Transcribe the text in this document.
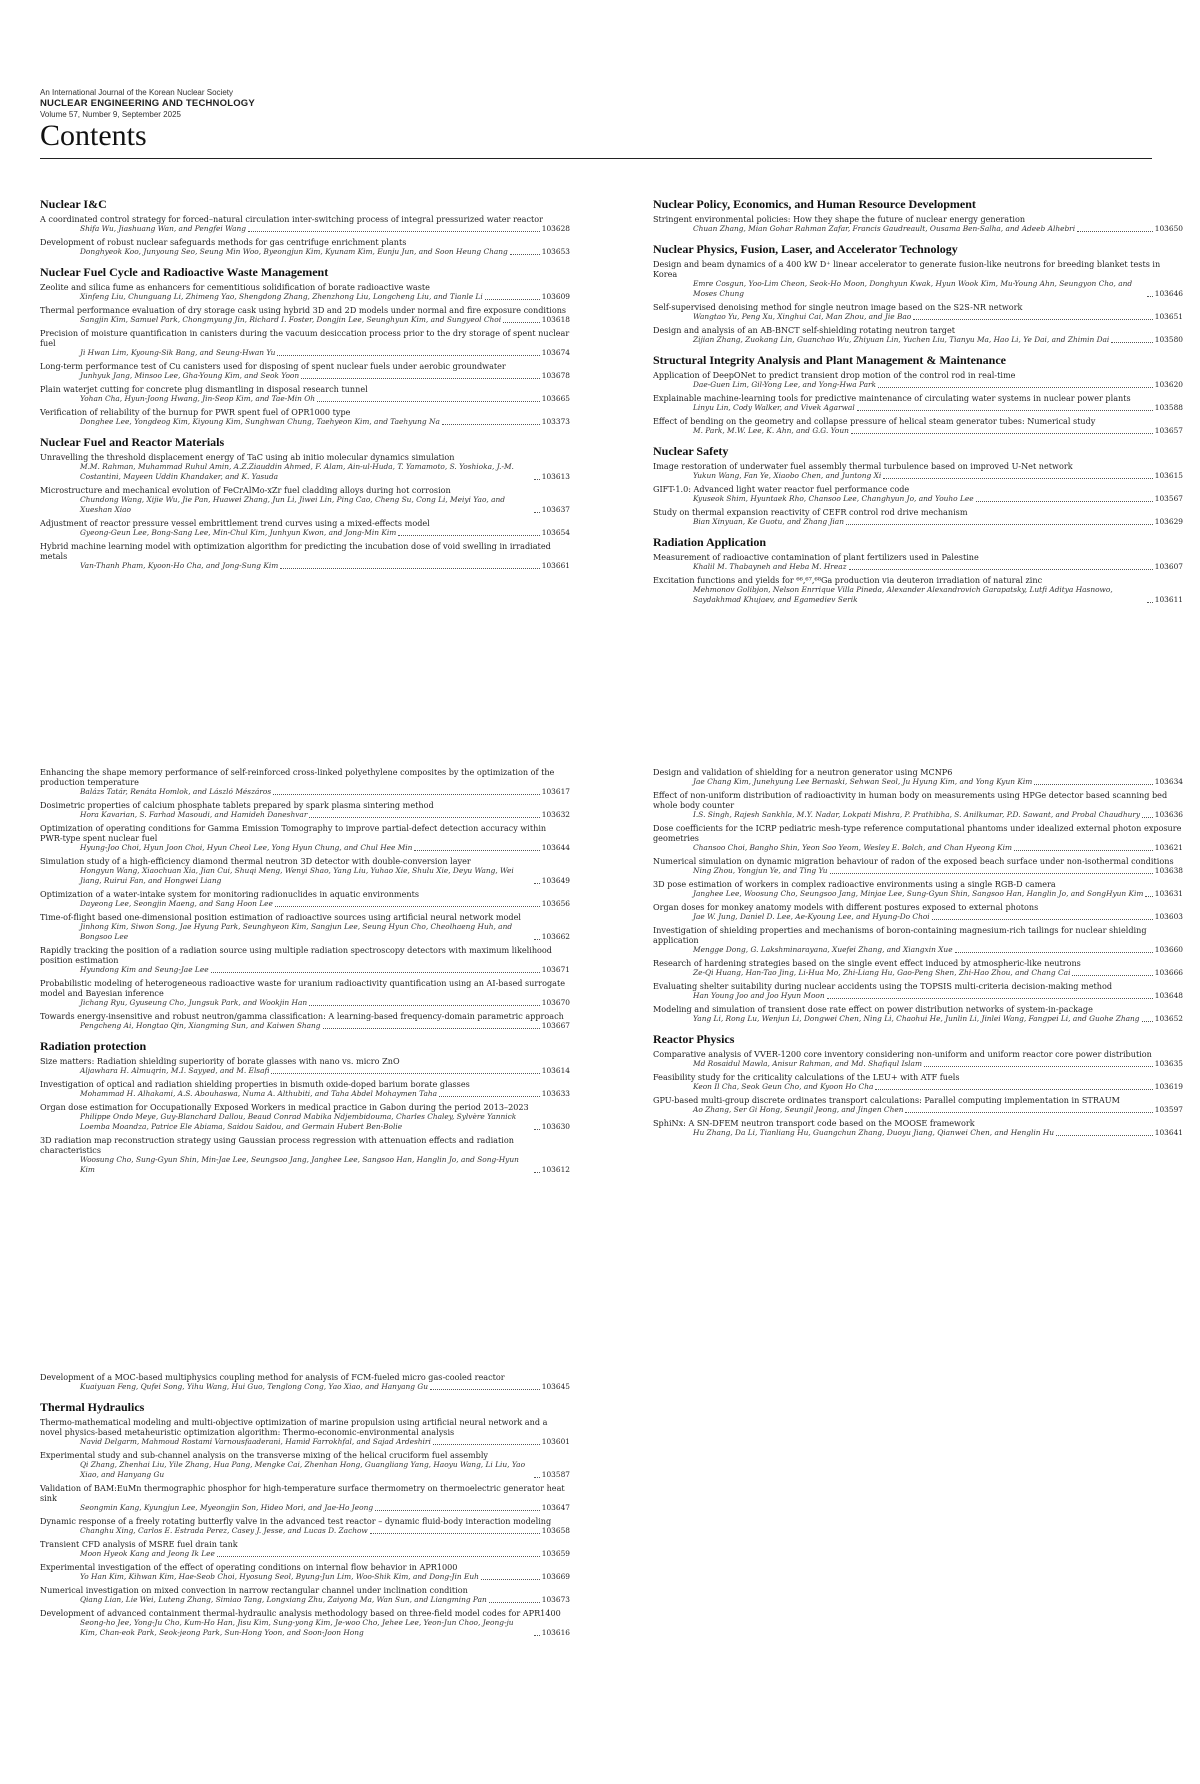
An International Journal of the Korean Nuclear Society
NUCLEAR ENGINEERING AND TECHNOLOGY
Volume 57, Number 9, September 2025
Contents
Nuclear I&C
A coordinated control strategy for forced–natural circulation inter-switching process of integral pressurized water reactor
Shifa Wu, Jiashuang Wan, and Pengfei Wang	103628
Development of robust nuclear safeguards methods for gas centrifuge enrichment plants
Donghyeok Koo, Junyoung Seo, Seung Min Woo, Byeongjun Kim, Kyunam Kim, Eunju Jun, and Soon Heung Chang	103653
Nuclear Fuel Cycle and Radioactive Waste Management
Zeolite and silica fume as enhancers for cementitious solidification of borate radioactive waste
Xinfeng Liu, Chunguang Li, Zhimeng Yao, Shengdong Zhang, Zhenzhong Liu, Longcheng Liu, and Tianle Li	103609
Thermal performance evaluation of dry storage cask using hybrid 3D and 2D models under normal and fire exposure conditions
Sangjin Kim, Samuel Park, Chongmyung Jin, Richard I. Foster, Dongjin Lee, Seunghyun Kim, and Sungyeol Choi	103618
Precision of moisture quantification in canisters during the vacuum desiccation process prior to the dry storage of spent nuclear fuel
Ji Hwan Lim, Kyoung-Sik Bang, and Seung-Hwan Yu	103674
Long-term performance test of Cu canisters used for disposing of spent nuclear fuels under aerobic groundwater
Junhyuk Jang, Minsoo Lee, Gha-Young Kim, and Seok Yoon	103678
Plain waterjet cutting for concrete plug dismantling in disposal research tunnel
Yohan Cha, Hyun-Joong Hwang, Jin-Seop Kim, and Tae-Min Oh	103665
Verification of reliability of the burnup for PWR spent fuel of OPR1000 type
Donghee Lee, Yongdeog Kim, Kiyoung Kim, Sunghwan Chung, Taehyeon Kim, and Taehyung Na	103373
Nuclear Fuel and Reactor Materials
Unravelling the threshold displacement energy of TaC using ab initio molecular dynamics simulation
M.M. Rahman, Muhammad Ruhul Amin, A.Z.Ziauddin Ahmed, F. Alam, Ain-ul-Huda, T. Yamamoto, S. Yoshioka, J.-M. Costantini, Mayeen Uddin Khandaker, and K. Yasuda	103613
Microstructure and mechanical evolution of FeCrAlMo-xZr fuel cladding alloys during hot corrosion
Chundong Wang, Xijie Wu, Jie Pan, Huawei Zhang, Jun Li, Jiwei Lin, Ping Cao, Cheng Su, Cong Li, Meiyi Yao, and Xueshan Xiao	103637
Adjustment of reactor pressure vessel embrittlement trend curves using a mixed-effects model
Gyeong-Geun Lee, Bong-Sang Lee, Min-Chul Kim, Junhyun Kwon, and Jong-Min Kim	103654
Hybrid machine learning model with optimization algorithm for predicting the incubation dose of void swelling in irradiated metals
Van-Thanh Pham, Kyoon-Ho Cha, and Jong-Sung Kim	103661
Nuclear Policy, Economics, and Human Resource Development
Stringent environmental policies: How they shape the future of nuclear energy generation
Chuan Zhang, Mian Gohar Rahman Zafar, Francis Gaudreault, Ousama Ben-Salha, and Adeeb Alhebri	103650
Nuclear Physics, Fusion, Laser, and Accelerator Technology
Design and beam dynamics of a 400 kW D⁺ linear accelerator to generate fusion-like neutrons for breeding blanket tests in Korea
Emre Cosgun, Yoo-Lim Cheon, Seok-Ho Moon, Donghyun Kwak, Hyun Wook Kim, Mu-Young Ahn, Seungyon Cho, and Moses Chung	103646
Self-supervised denoising method for single neutron image based on the S2S-NR network
Wangtao Yu, Peng Xu, Xinghui Cai, Man Zhou, and Jie Bao	103651
Design and analysis of an AB-BNCT self-shielding rotating neutron target
Zijian Zhang, Zuokang Lin, Guanchao Wu, Zhiyuan Lin, Yuchen Liu, Tianyu Ma, Hao Li, Ye Dai, and Zhimin Dai	103580
Structural Integrity Analysis and Plant Management & Maintenance
Application of DeepONet to predict transient drop motion of the control rod in real-time
Dae-Guen Lim, Gil-Yong Lee, and Yong-Hwa Park	103620
Explainable machine-learning tools for predictive maintenance of circulating water systems in nuclear power plants
Linyu Lin, Cody Walker, and Vivek Agarwal	103588
Effect of bending on the geometry and collapse pressure of helical steam generator tubes: Numerical study
M. Park, M.W. Lee, K. Ahn, and G.G. Youn	103657
Nuclear Safety
Image restoration of underwater fuel assembly thermal turbulence based on improved U-Net network
Yukun Wang, Fan Ye, Xiaobo Chen, and Juntong Xi	103615
GIFT-1.0: Advanced light water reactor fuel performance code
Kyuseok Shim, Hyuntaek Rho, Chansoo Lee, Changhyun Jo, and Youho Lee	103567
Study on thermal expansion reactivity of CEFR control rod drive mechanism
Bian Xinyuan, Ke Guotu, and Zhang Jian	103629
Radiation Application
Measurement of radioactive contamination of plant fertilizers used in Palestine
Khalil M. Thabayneh and Heba M. Hreaz	103607
Excitation functions and yields for ⁶⁶,⁶⁷,⁶⁸Ga production via deuteron irradiation of natural zinc
Mehmonov Golibjon, Nelson Enrrique Villa Pineda, Alexander Alexandrovich Garapatsky, Lutfi Aditya Hasnowo, Saydakhmad Khujaev, and Egamediev Serik	103611
Enhancing the shape memory performance of self-reinforced cross-linked polyethylene composites by the optimization of the production temperature
Balázs Tatár, Renáta Homlok, and László Mészáros	103617
Dosimetric properties of calcium phosphate tablets prepared by spark plasma sintering method
Hora Kavarian, S. Farhad Masoudi, and Hamideh Daneshvar	103632
Optimization of operating conditions for Gamma Emission Tomography to improve partial-defect detection accuracy within PWR-type spent nuclear fuel
Hyung-Joo Choi, Hyun Joon Choi, Hyun Cheol Lee, Yong Hyun Chung, and Chul Hee Min	103644
Simulation study of a high-efficiency diamond thermal neutron 3D detector with double-conversion layer
Hongyun Wang, Xiaochuan Xia, Jian Cui, Shuqi Meng, Wenyi Shao, Yang Liu, Yuhao Xie, Shulu Xie, Deyu Wang, Wei Jiang, Ruirui Fan, and Hongwei Liang	103649
Optimization of a water-intake system for monitoring radionuclides in aquatic environments
Dayeong Lee, Seongjin Maeng, and Sang Hoon Lee	103656
Time-of-flight based one-dimensional position estimation of radioactive sources using artificial neural network model
Jinhong Kim, Siwon Song, Jae Hyung Park, Seunghyeon Kim, Sangjun Lee, Seung Hyun Cho, Cheolhaeng Huh, and Bongsoo Lee	103662
Rapidly tracking the position of a radiation source using multiple radiation spectroscopy detectors with maximum likelihood position estimation
Hyundong Kim and Seung-Jae Lee	103671
Probabilistic modeling of heterogeneous radioactive waste for uranium radioactivity quantification using an AI-based surrogate model and Bayesian inference
Jichang Ryu, Gyuseung Cho, Jungsuk Park, and Wookjin Han	103670
Towards energy-insensitive and robust neutron/gamma classification: A learning-based frequency-domain parametric approach
Pengcheng Ai, Hongtao Qin, Xiangming Sun, and Kaiwen Shang	103667
Radiation protection
Size matters: Radiation shielding superiority of borate glasses with nano vs. micro ZnO
Aljawhara H. Almuqrin, M.I. Sayyed, and M. Elsafi	103614
Investigation of optical and radiation shielding properties in bismuth oxide-doped barium borate glasses
Mohammad H. Alhakami, A.S. Abouhaswa, Numa A. Althubiti, and Taha Abdel Mohaymen Taha	103633
Organ dose estimation for Occupationally Exposed Workers in medical practice in Gabon during the period 2013–2023
Philippe Ondo Meye, Guy-Blanchard Dallou, Beaud Conrad Mabika Ndjembidouma, Charles Chaley, Sylvère Yannick Loemba Moandza, Patrice Ele Abiama, Saidou Saidou, and Germain Hubert Ben-Bolie	103630
3D radiation map reconstruction strategy using Gaussian process regression with attenuation effects and radiation characteristics
Woosung Cho, Sung-Gyun Shin, Min-Jae Lee, Seungsoo Jang, Janghee Lee, Sangsoo Han, Hanglin Jo, and Song-Hyun Kim	103612
Design and validation of shielding for a neutron generator using MCNP6
Jae Chang Kim, Junehyung Lee Bernaski, Sehwan Seol, Ju Hyung Kim, and Yong Kyun Kim	103634
Effect of non-uniform distribution of radioactivity in human body on measurements using HPGe detector based scanning bed whole body counter
I.S. Singh, Rajesh Sankhla, M.Y. Nadar, Lokpati Mishra, P. Prathibha, S. Anilkumar, P.D. Sawant, and Probal Chaudhury 103636
Dose coefficients for the ICRP pediatric mesh-type reference computational phantoms under idealized external photon exposure geometries
Chansoo Choi, Bangho Shin, Yeon Soo Yeom, Wesley E. Bolch, and Chan Hyeong Kim	103621
Numerical simulation on dynamic migration behaviour of radon of the exposed beach surface under non-isothermal conditions
Ning Zhou, Yongjun Ye, and Ting Yu	103638
3D pose estimation of workers in complex radioactive environments using a single RGB-D camera
Janghee Lee, Woosung Cho, Seungsoo Jang, Minjae Lee, Sung-Gyun Shin, Sangsoo Han, Hanglin Jo, and SongHyun Kim 103631
Organ doses for monkey anatomy models with different postures exposed to external photons
Jae W. Jung, Daniel D. Lee, Ae-Kyoung Lee, and Hyung-Do Choi	103603
Investigation of shielding properties and mechanisms of boron-containing magnesium-rich tailings for nuclear shielding application
Mengge Dong, G. Lakshminarayana, Xuefei Zhang, and Xiangxin Xue	103660
Research of hardening strategies based on the single event effect induced by atmospheric-like neutrons
Ze-Qi Huang, Han-Tao Jing, Li-Hua Mo, Zhi-Liang Hu, Gao-Peng Shen, Zhi-Hao Zhou, and Chang Cai	103666
Evaluating shelter suitability during nuclear accidents using the TOPSIS multi-criteria decision-making method
Han Young Joo and Joo Hyun Moon	103648
Modeling and simulation of transient dose rate effect on power distribution networks of system-in-package
Yang Li, Rong Lu, Wenjun Li, Dongwei Chen, Ning Li, Chaohui He, Junlin Li, Jinlei Wang, Fangpei Li, and Guohe Zhang 103652
Reactor Physics
Comparative analysis of VVER-1200 core inventory considering non-uniform and uniform reactor core power distribution
Md Rosaidul Mawla, Anisur Rahman, and Md. Shafiqul Islam	103635
Feasibility study for the criticality calculations of the LEU+ with ATF fuels
Keon Il Cha, Seok Geun Cho, and Kyoon Ho Cha	103619
GPU-based multi-group discrete ordinates transport calculations: Parallel computing implementation in STRAUM
Ao Zhang, Ser Gi Hong, Seungil Jeong, and Jingen Chen	103597
SphiNx: A SN-DFEM neutron transport code based on the MOOSE framework
Hu Zhang, Da Li, Tianliang Hu, Guangchun Zhang, Duoyu Jiang, Qianwei Chen, and Henglin Hu	103641
Development of a MOC-based multiphysics coupling method for analysis of FCM-fueled micro gas-cooled reactor
Kuaiyuan Feng, Qufei Song, Yihu Wang, Hui Guo, Tenglong Cong, Yao Xiao, and Hanyang Gu	103645
Thermal Hydraulics
Thermo-mathematical modeling and multi-objective optimization of marine propulsion using artificial neural network and a novel physics-based metaheuristic optimization algorithm: Thermo-economic-environmental analysis
Navid Delgarm, Mahmoud Rostami Varnousfaaderani, Hamid Farrokhfal, and Sajad Ardeshiri	103601
Experimental study and sub-channel analysis on the transverse mixing of the helical cruciform fuel assembly
Qi Zhang, Zhenhai Liu, Yile Zhang, Hua Pang, Mengke Cai, Zhenhan Hong, Guangliang Yang, Haoyu Wang, Li Liu, Yao Xiao, and Hanyang Gu	103587
Validation of BAM:EuMn thermographic phosphor for high-temperature surface thermometry on thermoelectric generator heat sink
Seongmin Kang, Kyungjun Lee, Myeongjin Son, Hideo Mori, and Jae-Ho Jeong	103647
Dynamic response of a freely rotating butterfly valve in the advanced test reactor – dynamic fluid-body interaction modeling
Changhu Xing, Carlos E. Estrada Perez, Casey J. Jesse, and Lucas D. Zachow	103658
Transient CFD analysis of MSRE fuel drain tank
Moon Hyeok Kang and Jeong Ik Lee	103659
Experimental investigation of the effect of operating conditions on internal flow behavior in APR1000
Yo Han Kim, Kihwan Kim, Hae-Seob Choi, Hyosung Seol, Byung-Jun Lim, Woo-Shik Kim, and Dong-Jin Euh	103669
Numerical investigation on mixed convection in narrow rectangular channel under inclination condition
Qiang Lian, Lie Wei, Luteng Zhang, Simiao Tang, Longxiang Zhu, Zaiyong Ma, Wan Sun, and Liangming Pan	103673
Development of advanced containment thermal-hydraulic analysis methodology based on three-field model codes for APR1400
Seong-ho Jee, Yong-Ju Cho, Kum-Ho Han, Jisu Kim, Sung-yong Kim, Je-woo Cho, Jehee Lee, Yeon-Jun Choo, Jeong-ju Kim, Chan-eok Park, Seok-jeong Park, Sun-Hong Yoon, and Soon-Joon Hong	103616
